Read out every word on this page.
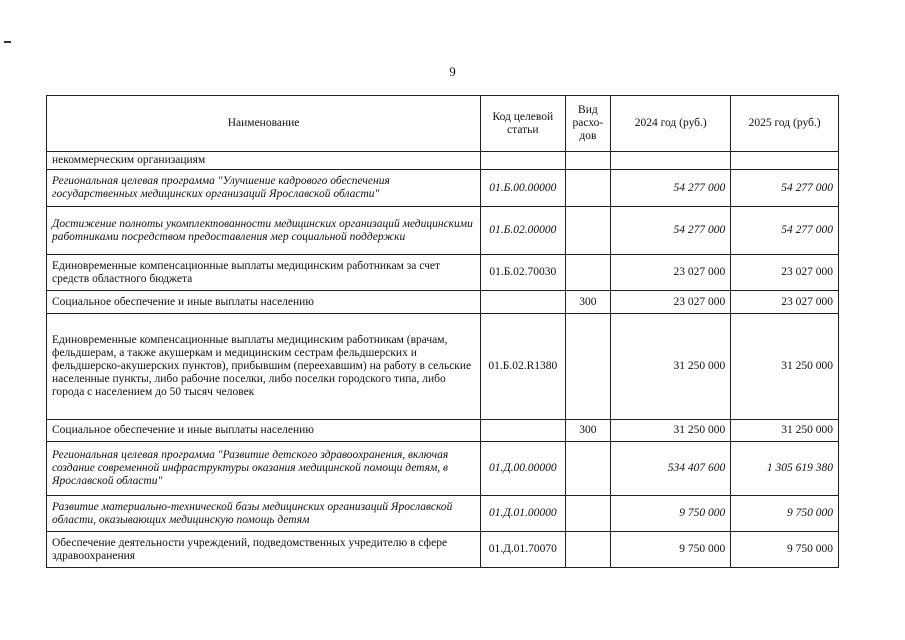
9
Наименование	Код целевой статьи	Вид расхо-дов	2024 год (руб.)	2025 год (руб.)
некоммерческим организациям				
Региональная целевая программа "Улучшение кадрового обеспечения государственных медицинских организаций Ярославской области"	01.Б.00.00000		54 277 000	54 277 000
Достижение полноты укомплектованности медицинских организаций медицинскими работниками посредством предоставления мер социальной поддержки	01.Б.02.00000		54 277 000	54 277 000
Единовременные компенсационные выплаты медицинским работникам за счет средств областного бюджета	01.Б.02.70030		23 027 000	23 027 000
Социальное обеспечение и иные выплаты населению		300	23 027 000	23 027 000
Единовременные компенсационные выплаты медицинским работникам (врачам, фельдшерам, а также акушеркам и медицинским сестрам фельдшерских и фельдшерско-акушерских пунктов), прибывшим (переехавшим) на работу в сельские населенные пункты, либо рабочие поселки, либо поселки городского типа, либо города с населением до 50 тысяч человек	01.Б.02.R1380		31 250 000	31 250 000
Социальное обеспечение и иные выплаты населению		300	31 250 000	31 250 000
Региональная целевая программа "Развитие детского здравоохранения, включая создание современной инфраструктуры оказания медицинской помощи детям, в Ярославской области"	01.Д.00.00000		534 407 600	1 305 619 380
Развитие материально-технической базы медицинских организаций Ярославской области, оказывающих медицинскую помощь детям	01.Д.01.00000		9 750 000	9 750 000
Обеспечение деятельности учреждений, подведомственных учредителю в сфере здравоохранения	01.Д.01.70070		9 750 000	9 750 000
